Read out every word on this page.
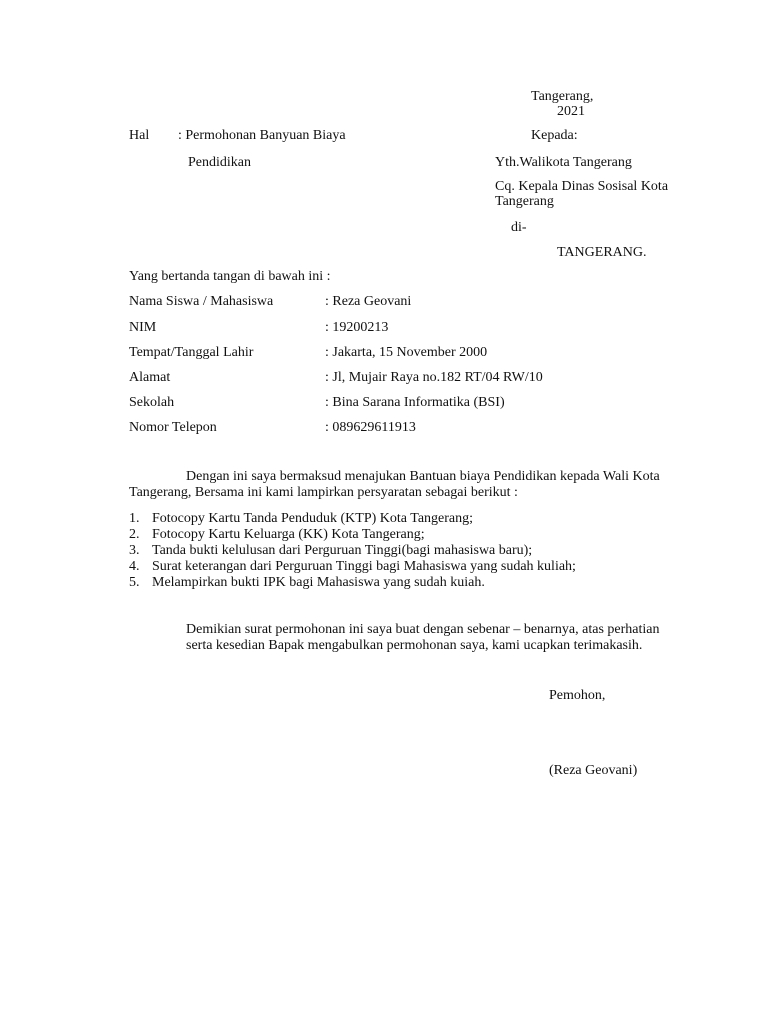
Tangerang,

2021

Hal : Permohonan Banyuan Biaya

Pendidikan

Kepada:

Yth.Walikota Tangerang

Cq. Kepala Dinas Sosisal Kota

Tangerang

di-

TANGERANG.

Yang bertanda tangan di bawah ini :

Nama Siswa / Mahasiswa	: Reza Geovani
NIM	: 19200213
Tempat/Tanggal Lahir	: Jakarta, 15 November 2000
Alamat	: Jl, Mujair Raya no.182 RT/04 RW/10
Sekolah	: Bina Sarana Informatika (BSI)
Nomor Telepon	: 089629611913

Dengan ini saya bermaksud menajukan Bantuan biaya Pendidikan kepada Wali Kota

Tangerang, Bersama ini kami lampirkan persyaratan sebagai berikut :

1. Fotocopy Kartu Tanda Penduduk (KTP) Kota Tangerang;
2. Fotocopy Kartu Keluarga (KK) Kota Tangerang;
3. Tanda bukti kelulusan dari Perguruan Tinggi(bagi mahasiswa baru);
4. Surat keterangan dari Perguruan Tinggi bagi Mahasiswa yang sudah kuliah;
5. Melampirkan bukti IPK bagi Mahasiswa yang sudah kuiah.

Demikian surat permohonan ini saya buat dengan sebenar – benarnya, atas perhatian

serta kesedian Bapak mengabulkan permohonan saya, kami ucapkan terimakasih.

Pemohon,

(Reza Geovani)
